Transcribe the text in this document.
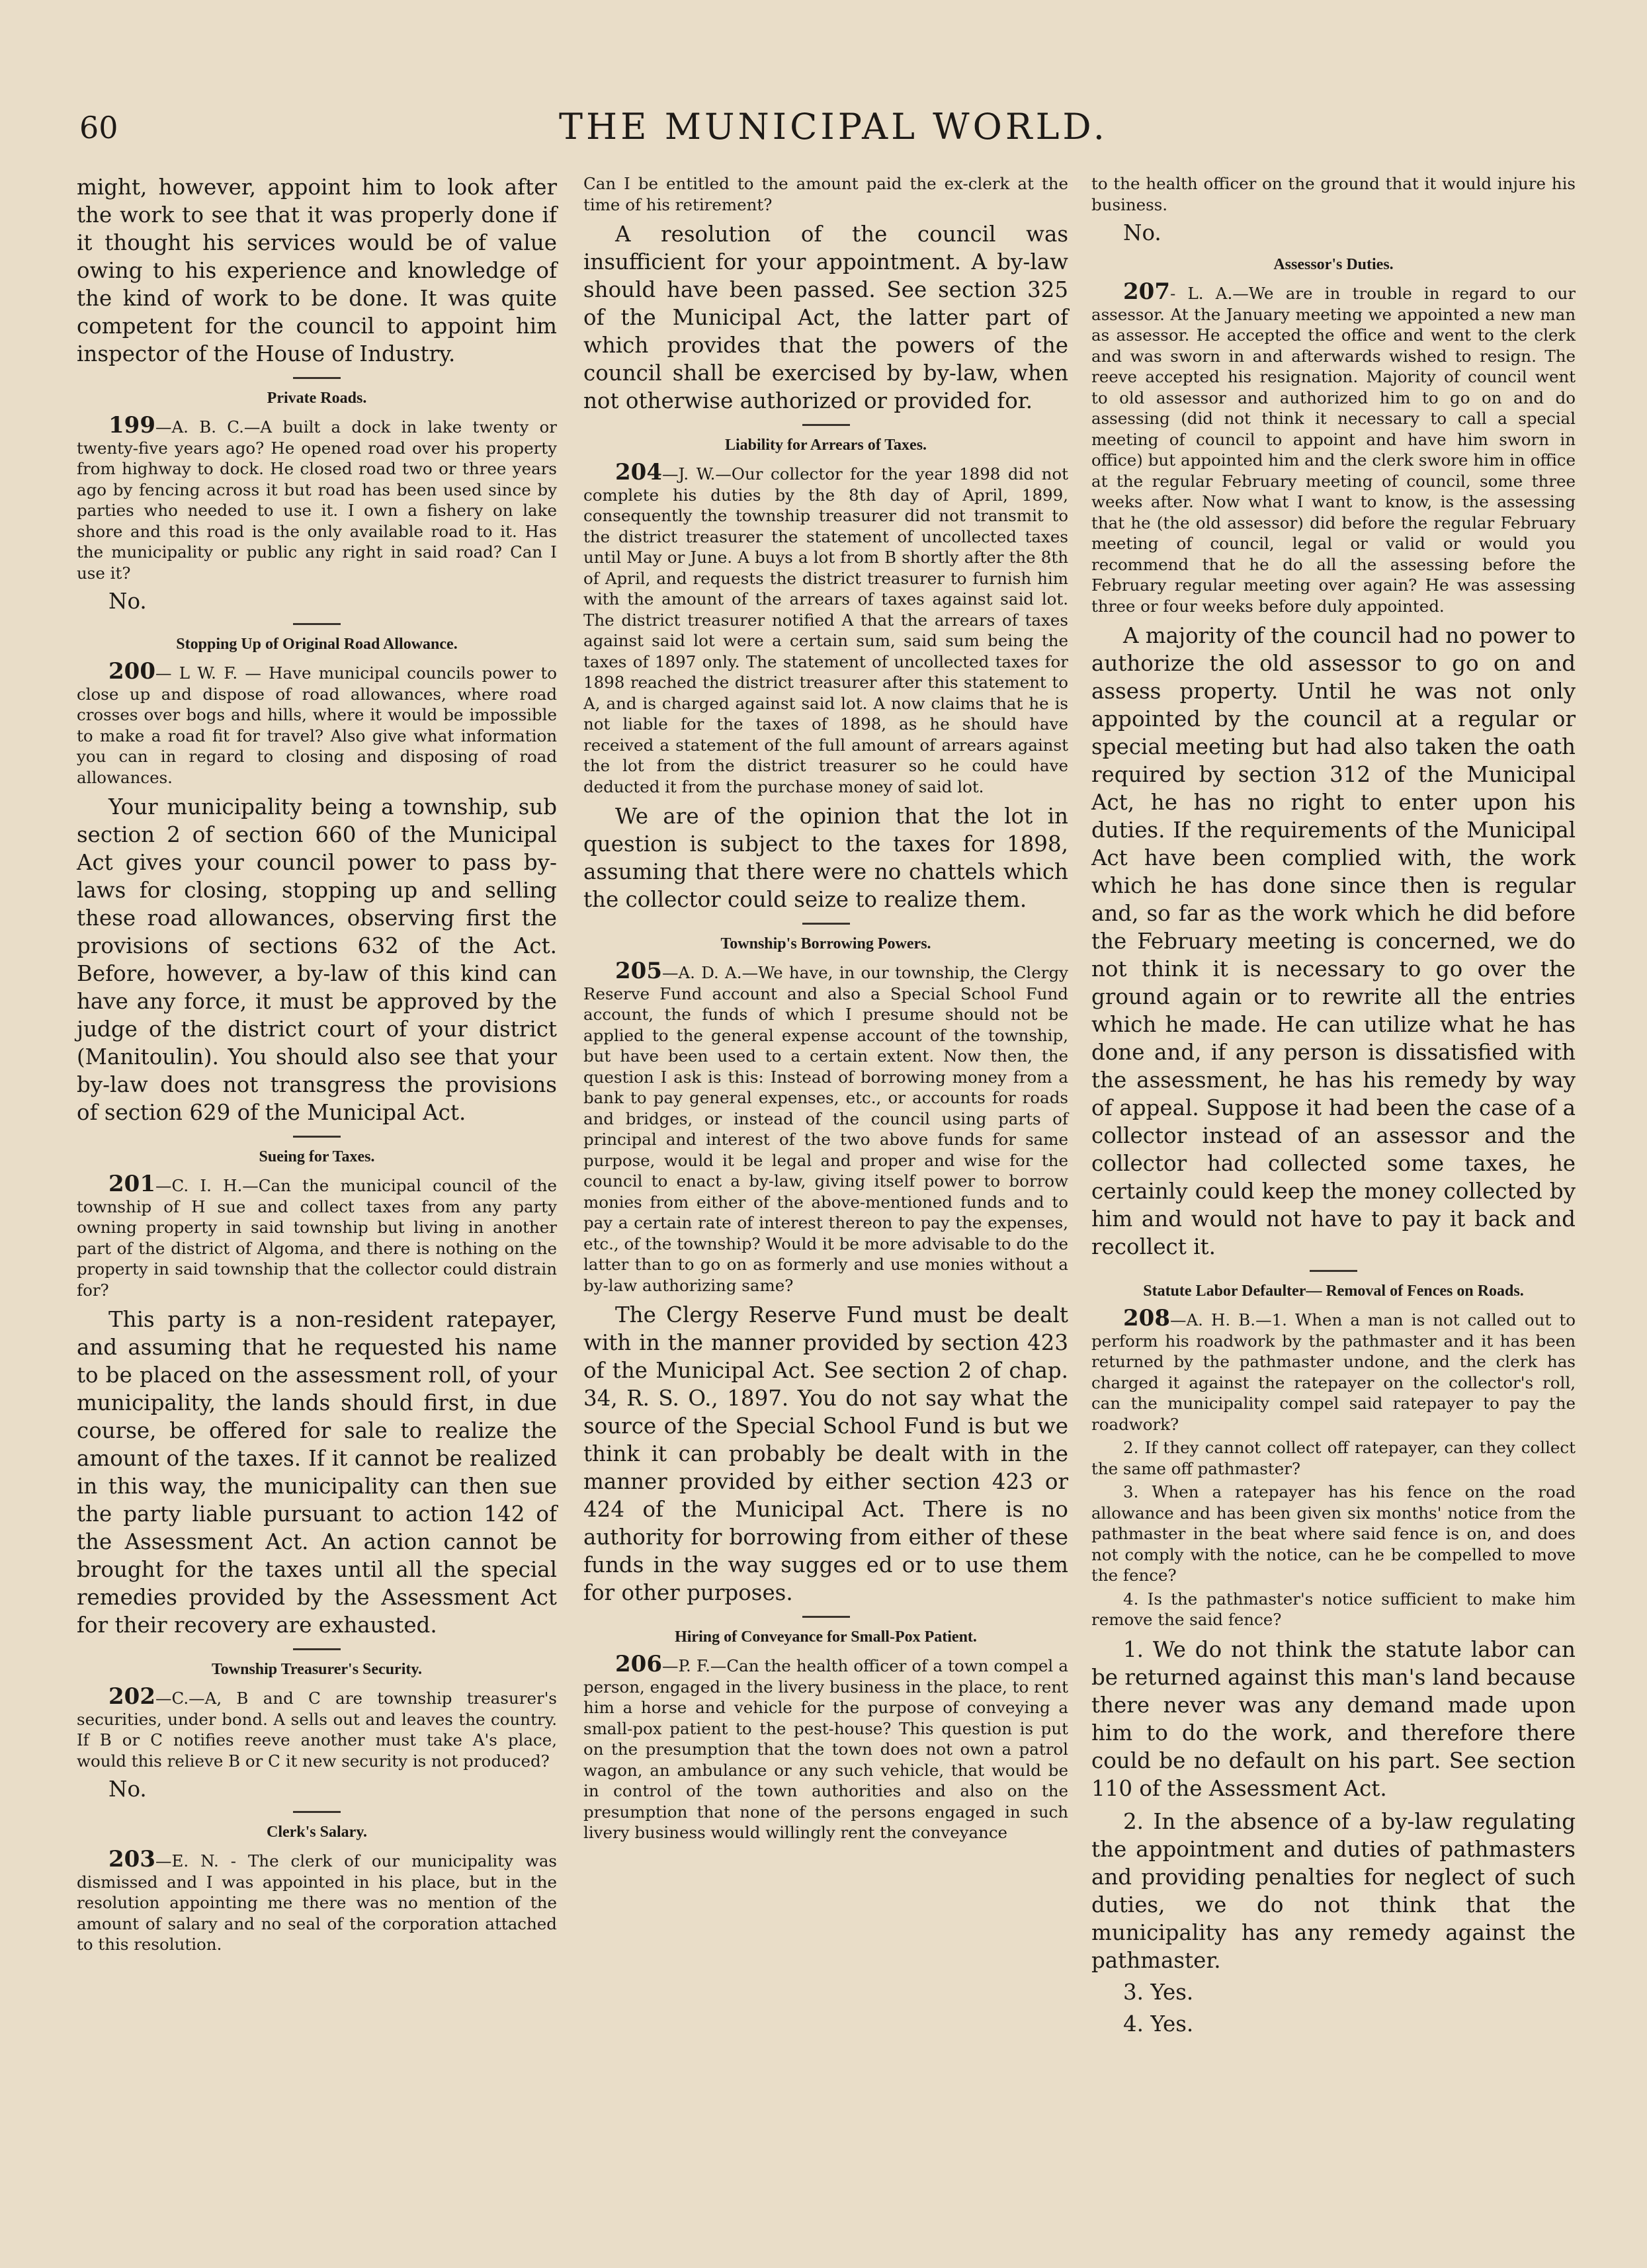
60	THE MUNICIPAL WORLD.

might, however, appoint him to look after the work to see that it was properly done if it thought his services would be of value owing to his experience and knowledge of the kind of work to be done. It was quite competent for the council to appoint him inspector of the House of Industry.

Private Roads.

199—A. B. C.—A built a dock in lake twenty or twenty-five years ago? He opened road over his property from highway to dock. He closed road two or three years ago by fencing across it but road has been used since by parties who needed to use it. I own a fishery on lake shore and this road is the only available road to it. Has the municipality or public any right in said road? Can I use it?

No.
Stopping Up of Original Road Allowance.

200— L W. F. — Have municipal councils power to close up and dispose of road allowances, where road crosses over bogs and hills, where it would be impossible to make a road fit for travel? Also give what information you can in regard to closing and disposing of road allowances.

Your municipality being a township, sub section 2 of section 660 of the Municipal Act gives your council power to pass by-laws for closing, stopping up and selling these road allowances, observing first the provisions of sections 632 of the Act. Before, however, a by-law of this kind can have any force, it must be approved by the judge of the district court of your district (Manitoulin). You should also see that your by-law does not transgress the provisions of section 629 of the Municipal Act.

Sueing for Taxes.

201—C. I. H.—Can the municipal council of the township of H sue and collect taxes from any party owning property in said township but living in another part of the district of Algoma, and there is nothing on the property in said township that the collector could distrain for?

This party is a non-resident ratepayer, and assuming that he requested his name to be placed on the assessment roll, of your municipality, the lands should first, in due course, be offered for sale to realize the amount of the taxes. If it cannot be realized in this way, the municipality can then sue the party liable pursuant to action 142 of the Assessment Act. An action cannot be brought for the taxes until all the special remedies provided by the Assessment Act for their recovery are exhausted.

Township Treasurer's Security.

202—C.—A, B and C are township treasurer's securities, under bond. A sells out and leaves the country. If B or C notifies reeve another must take A's place, would this relieve B or C it new security is not produced?

No.
Clerk's Salary.

203—E. N. - The clerk of our municipality was dismissed and I was appointed in his place, but in the resolution appointing me there was no mention of the amount of salary and no seal of the corporation attached to this resolution.

Can I be entitled to the amount paid the ex-clerk at the time of his retirement?

A resolution of the council was insufficient for your appointment. A by-law should have been passed. See section 325 of the Municipal Act, the latter part of which provides that the powers of the council shall be exercised by by-law, when not otherwise authorized or provided for.

Liability for Arrears of Taxes.

204—J. W.—Our collector for the year 1898 did not complete his duties by the 8th day of April, 1899, consequently the township treasurer did not transmit to the district treasurer the statement of uncollected taxes until May or June. A buys a lot from B shortly after the 8th of April, and requests the district treasurer to furnish him with the amount of the arrears of taxes against said lot. The district treasurer notified A that the arrears of taxes against said lot were a certain sum, said sum being the taxes of 1897 only. The statement of uncollected taxes for 1898 reached the district treasurer after this statement to A, and is charged against said lot. A now claims that he is not liable for the taxes of 1898, as he should have received a statement of the full amount of arrears against the lot from the district treasurer so he could have deducted it from the purchase money of said lot.

We are of the opinion that the lot in question is subject to the taxes for 1898, assuming that there were no chattels which the collector could seize to realize them.

Township's Borrowing Powers.

205—A. D. A.—We have, in our township, the Clergy Reserve Fund account and also a Special School Fund account, the funds of which I presume should not be applied to the general expense account of the township, but have been used to a certain extent. Now then, the question I ask is this: Instead of borrowing money from a bank to pay general expenses, etc., or accounts for roads and bridges, or instead of the council using parts of principal and interest of the two above funds for same purpose, would it be legal and proper and wise for the council to enact a by-law, giving itself power to borrow monies from either of the above-mentioned funds and to pay a certain rate of interest thereon to pay the expenses, etc., of the township? Would it be more advisable to do the latter than to go on as formerly and use monies without a by-law authorizing same?

The Clergy Reserve Fund must be dealt with in the manner provided by section 423 of the Municipal Act. See section 2 of chap. 34, R. S. O., 1897. You do not say what the source of the Special School Fund is but we think it can probably be dealt with in the manner provided by either section 423 or 424 of the Municipal Act. There is no authority for borrowing from either of these funds in the way sugges ed or to use them for other purposes.

Hiring of Conveyance for Small-Pox Patient.

206—P. F.—Can the health officer of a town compel a person, engaged in the livery business in the place, to rent him a horse and vehicle for the purpose of conveying a small-pox patient to the pest-house? This question is put on the presumption that the town does not own a patrol wagon, an ambulance or any such vehicle, that would be in control of the town authorities and also on the presumption that none of the persons engaged in such livery business would willingly rent the conveyance

to the health officer on the ground that it would injure his business.

No.
Assessor's Duties.

207- L. A.—We are in trouble in regard to our assessor. At the January meeting we appointed a new man as assessor. He accepted the office and went to the clerk and was sworn in and afterwards wished to resign. The reeve accepted his resignation. Majority of council went to old assessor and authorized him to go on and do assessing (did not think it necessary to call a special meeting of council to appoint and have him sworn in office) but appointed him and the clerk swore him in office at the regular February meeting of council, some three weeks after. Now what I want to know, is the assessing that he (the old assessor) did before the regular February meeting of council, legal or valid or would you recommend that he do all the assessing before the February regular meeting over again? He was assessing three or four weeks before duly appointed.

A majority of the council had no power to authorize the old assessor to go on and assess property. Until he was not only appointed by the council at a regular or special meeting but had also taken the oath required by section 312 of the Municipal Act, he has no right to enter upon his duties. If the requirements of the Municipal Act have been complied with, the work which he has done since then is regular and, so far as the work which he did before the February meeting is concerned, we do not think it is necessary to go over the ground again or to rewrite all the entries which he made. He can utilize what he has done and, if any person is dissatisfied with the assessment, he has his remedy by way of appeal. Suppose it had been the case of a collector instead of an assessor and the collector had collected some taxes, he certainly could keep the money collected by him and would not have to pay it back and recollect it.

Statute Labor Defaulter— Removal of Fences on Roads.

208—A. H. B.—1. When a man is not called out to perform his roadwork by the pathmaster and it has been returned by the pathmaster undone, and the clerk has charged it against the ratepayer on the collector's roll, can the municipality compel said ratepayer to pay the roadwork?

2. If they cannot collect off ratepayer, can they collect the same off pathmaster?

3. When a ratepayer has his fence on the road allowance and has been given six months' notice from the pathmaster in the beat where said fence is on, and does not comply with the notice, can he be compelled to move the fence?

4. Is the pathmaster's notice sufficient to make him remove the said fence?

1. We do not think the statute labor can be returned against this man's land because there never was any demand made upon him to do the work, and therefore there could be no default on his part. See section 110 of the Assessment Act.

2. In the absence of a by-law regulating the appointment and duties of pathmasters and providing penalties for neglect of such duties, we do not think that the municipality has any remedy against the pathmaster.

3. Yes.
4. Yes.
